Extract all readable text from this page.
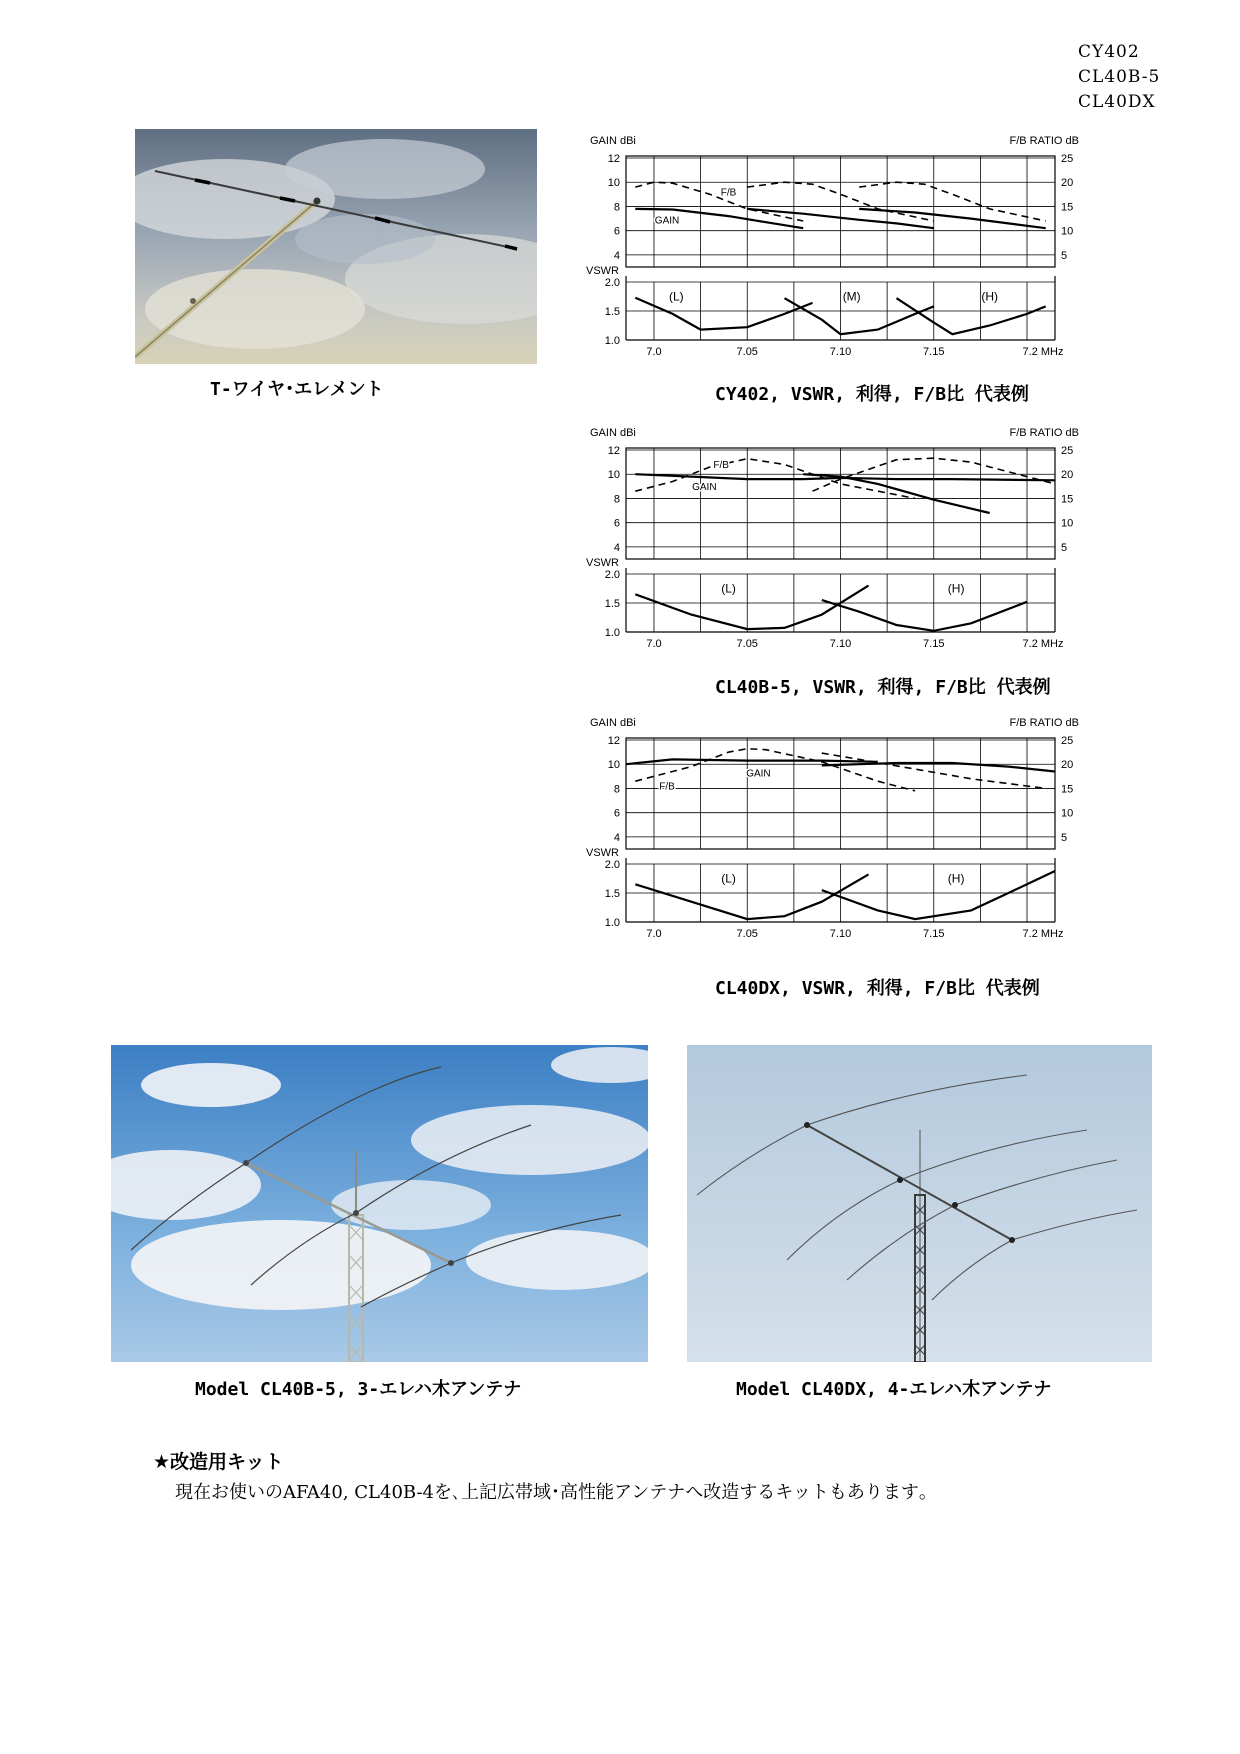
CY402
CL40B-5
CL40DX
T-ワイヤ･エレメント
12
10
8
6
4
25
20
15
10
5
2.0
1.5
1.0
GAIN dBi	F/B RATIO dB
VSWR
7.0	7.05	7.10	7.15	7.2 MHz
(L)	(M)	(H)
F/B
GAIN
CY402, VSWR, 利得, F/B比 代表例
12
10
8
6
4
25
20
15
10
5
2.0
1.5
1.0
GAIN dBi	F/B RATIO dB
VSWR
7.0	7.05	7.10	7.15	7.2 MHz
(L)	(H)
F/B
GAIN
CL40B-5, VSWR, 利得, F/B比 代表例
12
10
8
6
4
25
20
15
10
5
2.0
1.5
1.0
GAIN dBi	F/B RATIO dB
VSWR
7.0	7.05	7.10	7.15	7.2 MHz
(L)	(H)
F/B
GAIN
CL40DX, VSWR, 利得, F/B比 代表例
Model CL40B-5, 3-エレハ木アンテナ	Model CL40DX, 4-エレハ木アンテナ
★改造用キット
現在お使いのAFA40, CL40B-4を､上記広帯域･高性能アンテナへ改造するキットもあります｡
